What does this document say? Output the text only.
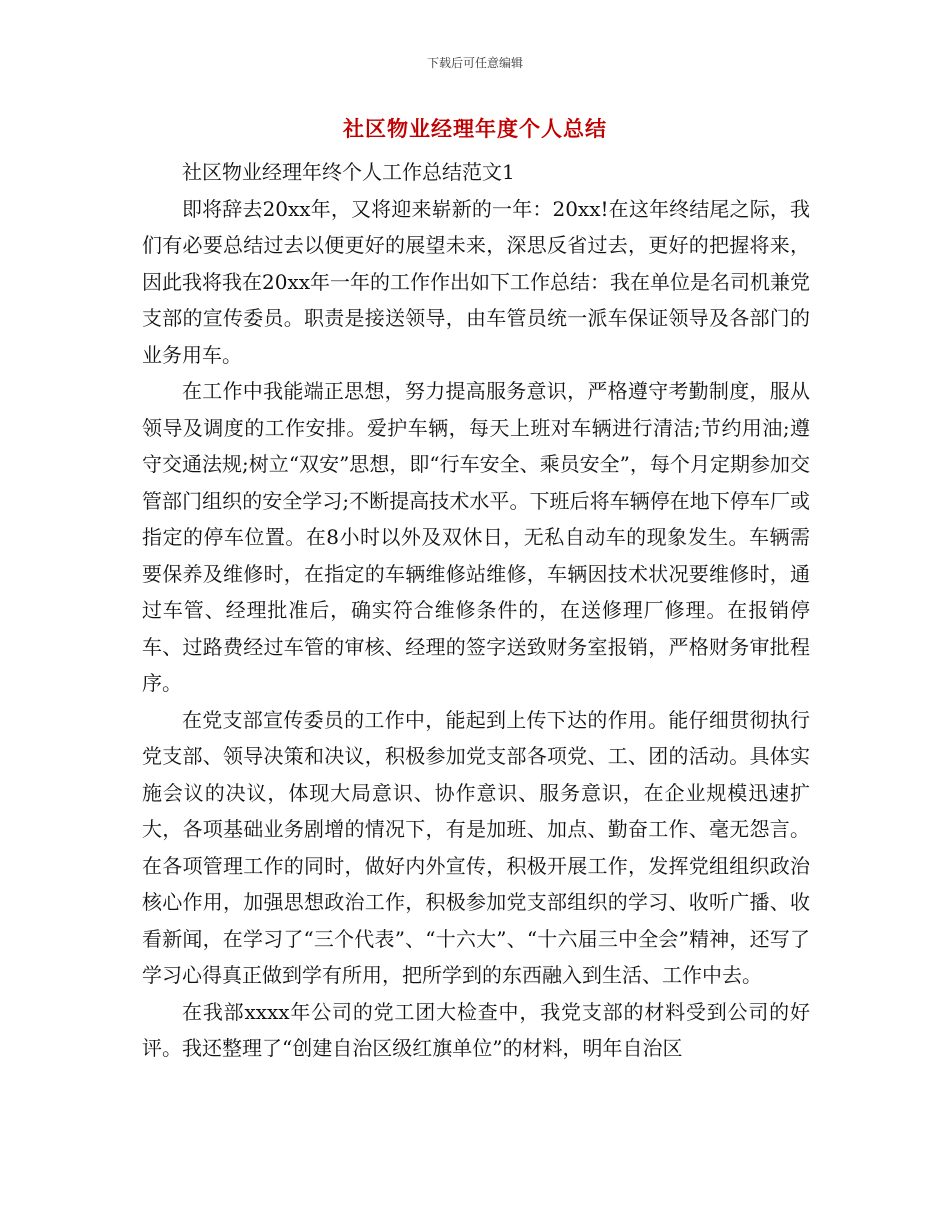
下载后可任意编辑
社区物业经理年度个人总结

社区物业经理年终个人工作总结范文1

即将辞去20xx年，又将迎来崭新的一年：20xx!在这年终结尾之际，我们有必要总结过去以便更好的展望未来，深思反省过去，更好的把握将来，因此我将我在20xx年一年的工作作出如下工作总结：我在单位是名司机兼党支部的宣传委员。职责是接送领导，由车管员统一派车保证领导及各部门的业务用车。

在工作中我能端正思想，努力提高服务意识，严格遵守考勤制度，服从领导及调度的工作安排。爱护车辆，每天上班对车辆进行清洁;节约用油;遵守交通法规;树立“双安”思想，即“行车安全、乘员安全”，每个月定期参加交管部门组织的安全学习;不断提高技术水平。下班后将车辆停在地下停车厂或指定的停车位置。在8小时以外及双休日，无私自动车的现象发生。车辆需要保养及维修时，在指定的车辆维修站维修，车辆因技术状况要维修时，通过车管、经理批准后，确实符合维修条件的，在送修理厂修理。在报销停车、过路费经过车管的审核、经理的签字送致财务室报销，严格财务审批程序。

在党支部宣传委员的工作中，能起到上传下达的作用。能仔细贯彻执行党支部、领导决策和决议，积极参加党支部各项党、工、团的活动。具体实施会议的决议，体现大局意识、协作意识、服务意识，在企业规模迅速扩大，各项基础业务剧增的情况下，有是加班、加点、勤奋工作、毫无怨言。在各项管理工作的同时，做好内外宣传，积极开展工作，发挥党组组织政治核心作用，加强思想政治工作，积极参加党支部组织的学习、收听广播、收看新闻，在学习了“三个代表”、“十六大”、“十六届三中全会”精神，还写了学习心得真正做到学有所用，把所学到的东西融入到生活、工作中去。

在我部xxxx年公司的党工团大检查中，我党支部的材料受到公司的好评。我还整理了“创建自治区级红旗单位”的材料，明年自治区
